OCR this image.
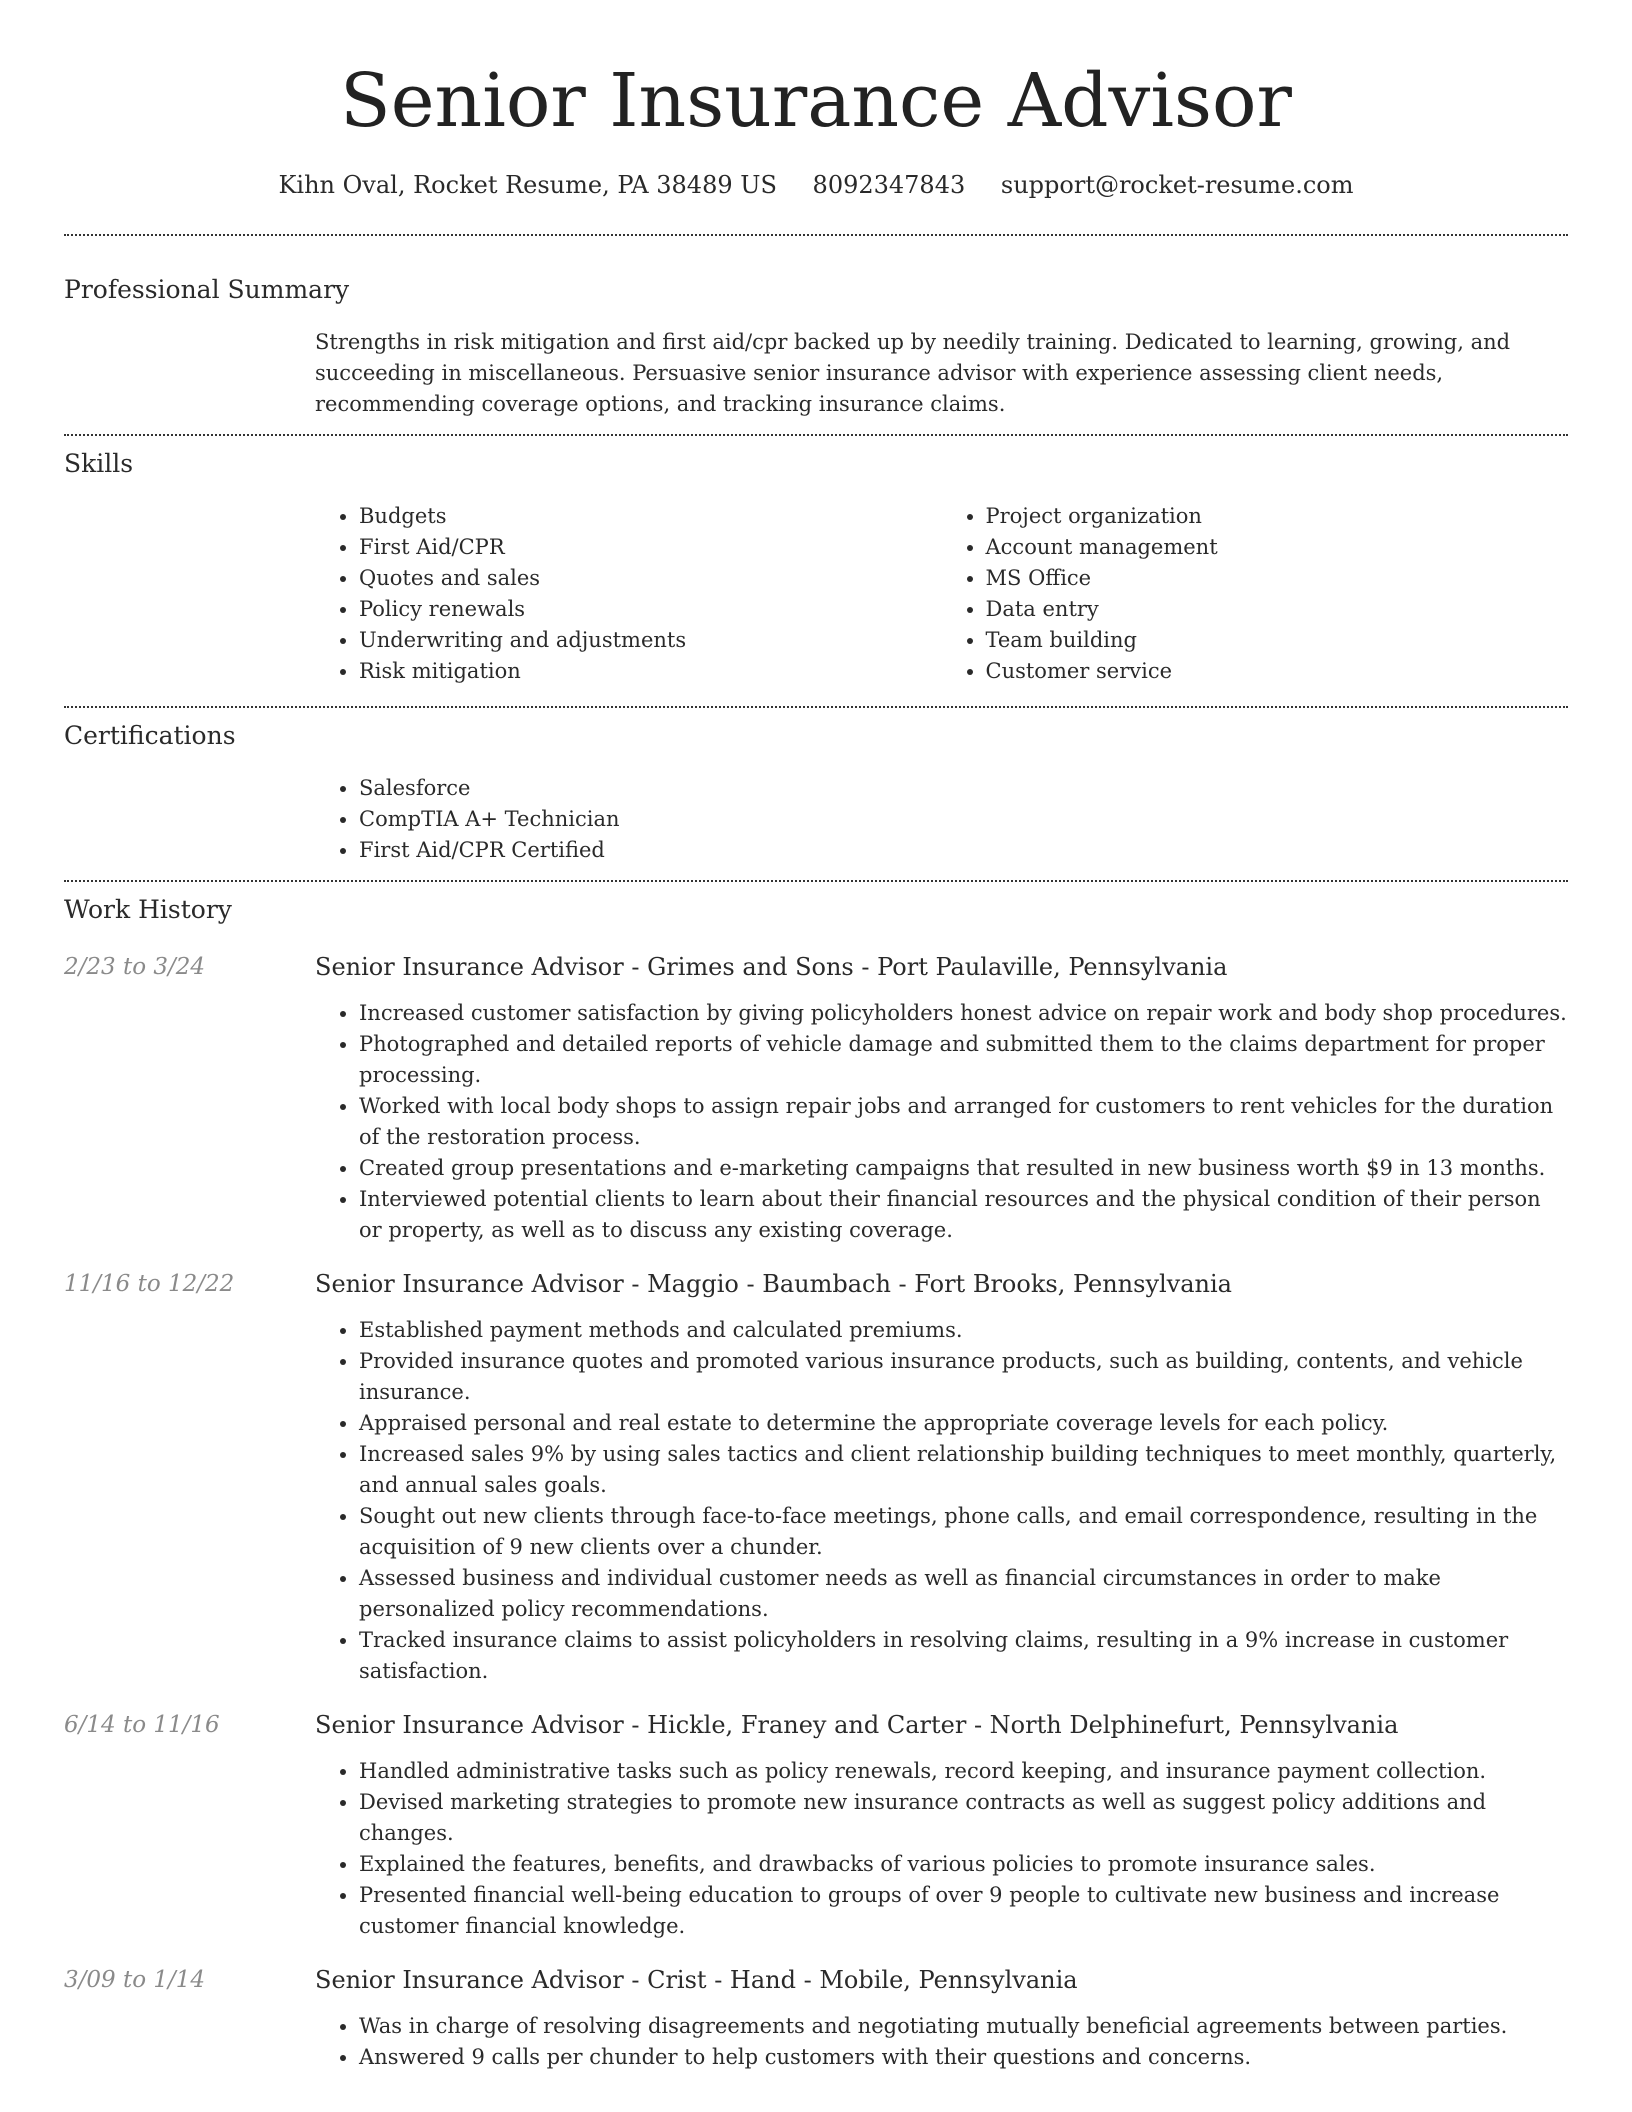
Senior Insurance Advisor
Kihn Oval, Rocket Resume, PA 38489 US 8092347843 support@rocket-resume.com
Professional Summary

Strengths in risk mitigation and first aid/cpr backed up by needily training. Dedicated to learning, growing, and succeeding in miscellaneous. Persuasive senior insurance advisor with experience assessing client needs, recommending coverage options, and tracking insurance claims.

Skills
• Budgets
• First Aid/CPR
• Quotes and sales
• Policy renewals
• Underwriting and adjustments
• Risk mitigation
• Project organization
• Account management
• MS Office
• Data entry
• Team building
• Customer service
Certifications
• Salesforce
• CompTIA A+ Technician
• First Aid/CPR Certified
Work History
2/23 to 3/24	Senior Insurance Advisor - Grimes and Sons - Port Paulaville, Pennsylvania
• Increased customer satisfaction by giving policyholders honest advice on repair work and body shop procedures.
• Photographed and detailed reports of vehicle damage and submitted them to the claims department for proper processing.
• Worked with local body shops to assign repair jobs and arranged for customers to rent vehicles for the duration of the restoration process.
• Created group presentations and e-marketing campaigns that resulted in new business worth $9 in 13 months.
• Interviewed potential clients to learn about their financial resources and the physical condition of their person or property, as well as to discuss any existing coverage.
11/16 to 12/22	Senior Insurance Advisor - Maggio - Baumbach - Fort Brooks, Pennsylvania
• Established payment methods and calculated premiums.
• Provided insurance quotes and promoted various insurance products, such as building, contents, and vehicle insurance.
• Appraised personal and real estate to determine the appropriate coverage levels for each policy.
• Increased sales 9% by using sales tactics and client relationship building techniques to meet monthly, quarterly, and annual sales goals.
• Sought out new clients through face-to-face meetings, phone calls, and email correspondence, resulting in the acquisition of 9 new clients over a chunder.
• Assessed business and individual customer needs as well as financial circumstances in order to make personalized policy recommendations.
• Tracked insurance claims to assist policyholders in resolving claims, resulting in a 9% increase in customer satisfaction.
6/14 to 11/16	Senior Insurance Advisor - Hickle, Franey and Carter - North Delphinefurt, Pennsylvania
• Handled administrative tasks such as policy renewals, record keeping, and insurance payment collection.
• Devised marketing strategies to promote new insurance contracts as well as suggest policy additions and changes.
• Explained the features, benefits, and drawbacks of various policies to promote insurance sales.
• Presented financial well-being education to groups of over 9 people to cultivate new business and increase customer financial knowledge.
3/09 to 1/14	Senior Insurance Advisor - Crist - Hand - Mobile, Pennsylvania
• Was in charge of resolving disagreements and negotiating mutually beneficial agreements between parties.
• Answered 9 calls per chunder to help customers with their questions and concerns.
